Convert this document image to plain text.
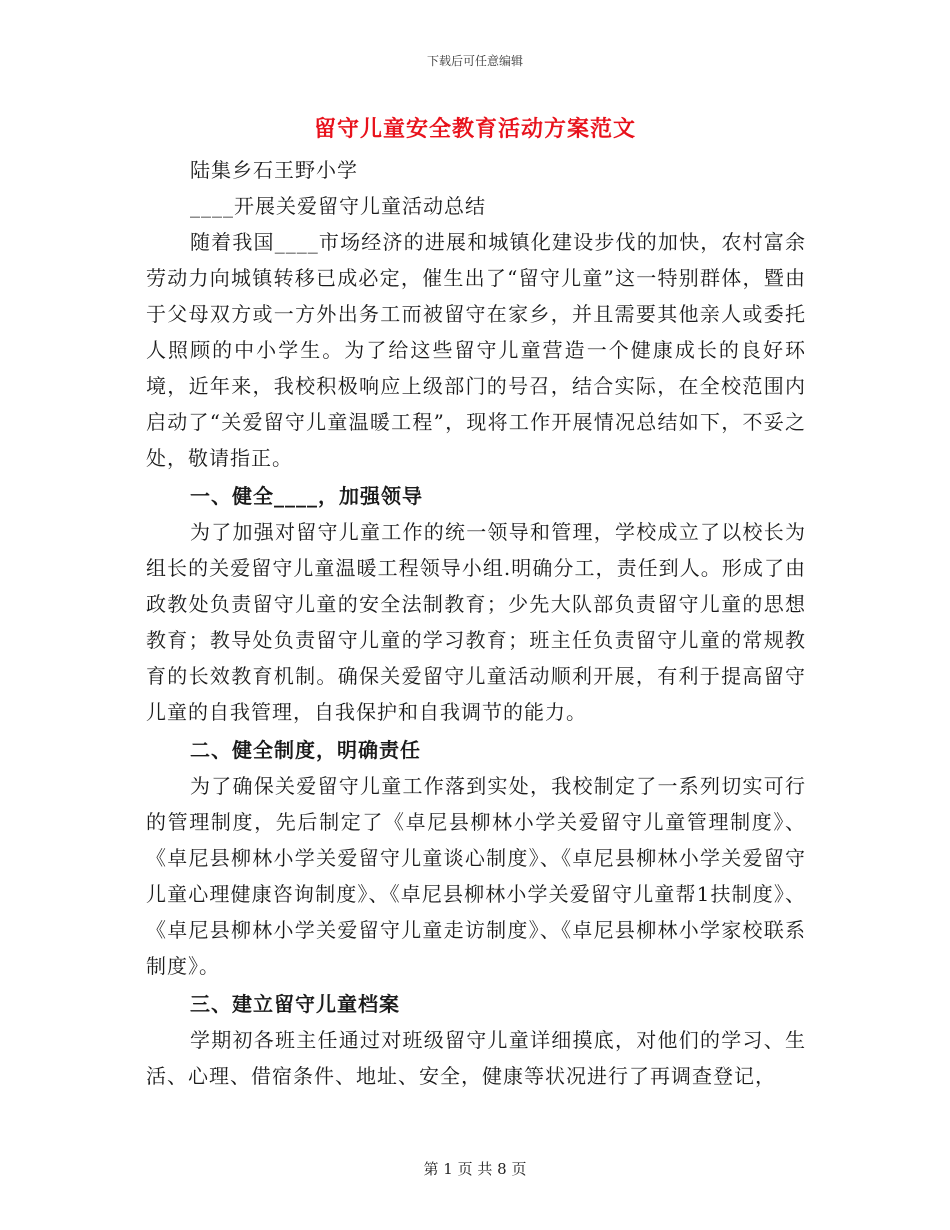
下载后可任意编辑
留守儿童安全教育活动方案范文

陆集乡石王野小学

____开展关爱留守儿童活动总结

随着我国____市场经济的进展和城镇化建设步伐的加快，农村富余劳动力向城镇转移已成必定，催生出了“留守儿童”这一特别群体，暨由于父母双方或一方外出务工而被留守在家乡，并且需要其他亲人或委托人照顾的中小学生。为了给这些留守儿童营造一个健康成长的良好环境，近年来，我校积极响应上级部门的号召，结合实际，在全校范围内启动了“关爱留守儿童温暖工程”，现将工作开展情况总结如下，不妥之处，敬请指正。

一、健全____，加强领导

为了加强对留守儿童工作的统一领导和管理，学校成立了以校长为组长的关爱留守儿童温暖工程领导小组.明确分工，责任到人。形成了由政教处负责留守儿童的安全法制教育；少先大队部负责留守儿童的思想教育；教导处负责留守儿童的学习教育；班主任负责留守儿童的常规教育的长效教育机制。确保关爱留守儿童活动顺利开展，有利于提高留守儿童的自我管理，自我保护和自我调节的能力。

二、健全制度，明确责任

为了确保关爱留守儿童工作落到实处，我校制定了一系列切实可行的管理制度，先后制定了《卓尼县柳林小学关爱留守儿童管理制度》、《卓尼县柳林小学关爱留守儿童谈心制度》、《卓尼县柳林小学关爱留守儿童心理健康咨询制度》、《卓尼县柳林小学关爱留守儿童帮1扶制度》、《卓尼县柳林小学关爱留守儿童走访制度》、《卓尼县柳林小学家校联系制度》。

三、建立留守儿童档案

学期初各班主任通过对班级留守儿童详细摸底，对他们的学习、生活、心理、借宿条件、地址、安全，健康等状况进行了再调查登记，

第 1 页 共 8 页
